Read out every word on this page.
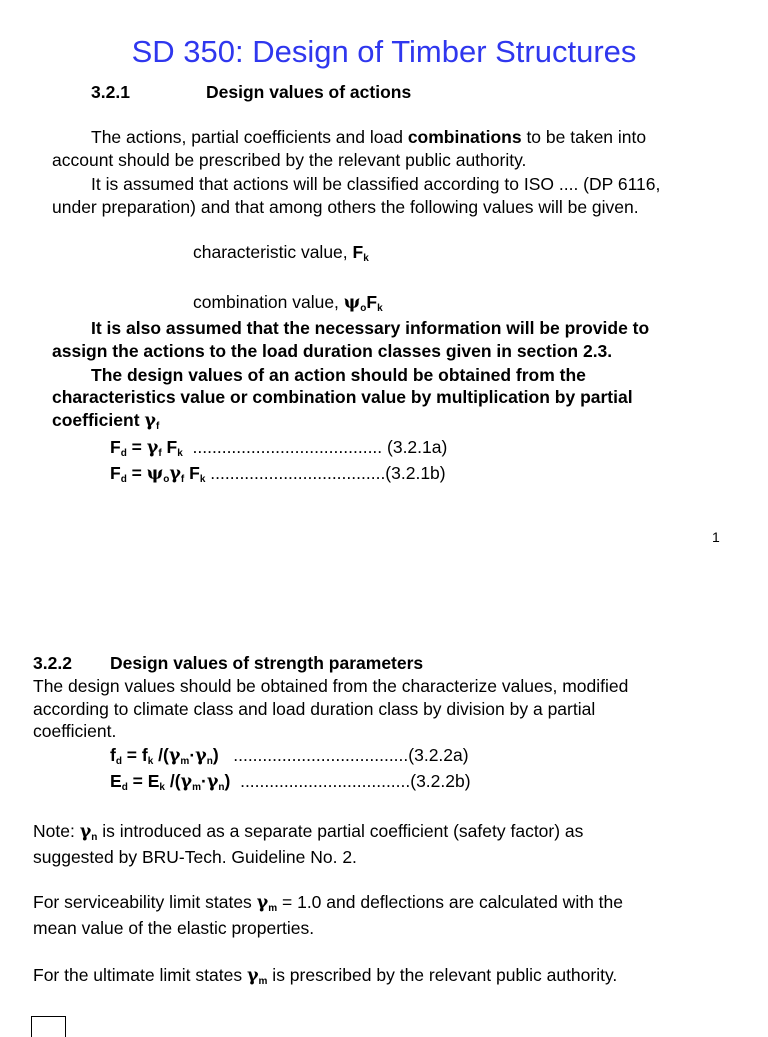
SD 350: Design of Timber Structures
3.2.1	Design values of actions
The actions, partial coefficients and load combinations to be taken into
account should be prescribed by the relevant public authority.
It is assumed that actions will be classified according to ISO .... (DP 6116,
under preparation) and that among others the following values will be given.
characteristic value, $F_k$
combination value, $\psi_oF_k$
It is also assumed that the necessary information will be provide to
assign the actions to the load duration classes given in section 2.3.
The design values of an action should be obtained from the
characteristics value or combination value by multiplication by partial
coefficient $\gamma_f$
$F_d = \gamma_f$ $F_k$ ....................................... (3.2.1a)
$F_d = \psi_o\gamma_f$ $F_k$ ....................................(3.2.1b)
1
3.2.2 Design values of strength parameters
The design values should be obtained from the characterize values, modified
according to climate class and load duration class by division by a partial
coefficient.
$f_d = f_k$ $/(\gamma_m\cdot\gamma_n)$ ....................................(3.2.2a)
$E_d = E_k$ $/(\gamma_m\cdot\gamma_n)$ ...................................(3.2.2b)
Note: $\gamma_n$ is introduced as a separate partial coefficient (safety factor) as
suggested by BRU-Tech. Guideline No. 2.
For serviceability limit states $\gamma_m = 1.0$ and deflections are calculated with the
mean value of the elastic properties.
For the ultimate limit states $\gamma_m$ is prescribed by the relevant public authority.
